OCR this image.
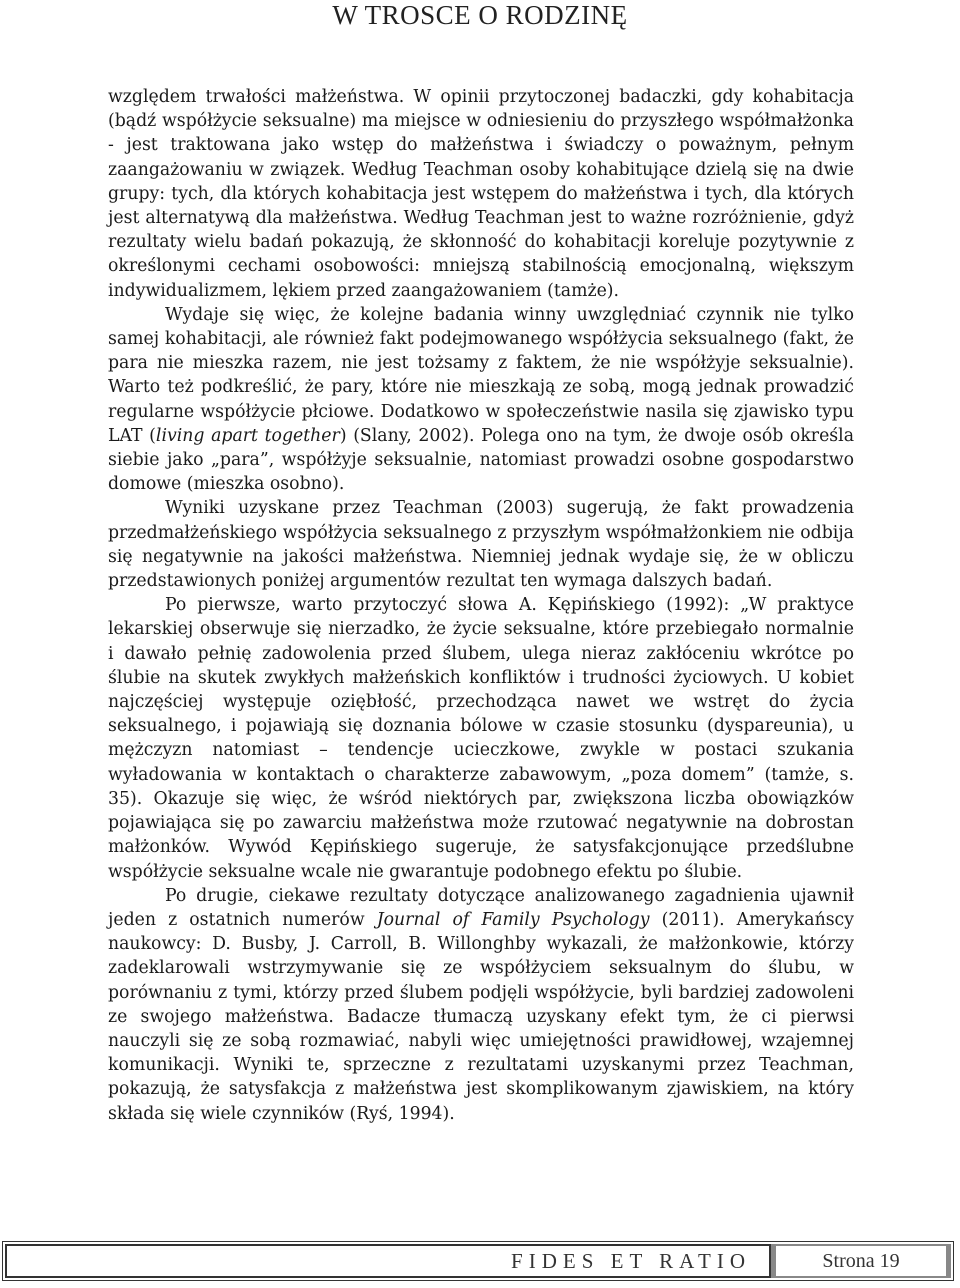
W TROSCE O RODZINĘ

względem trwałości małżeństwa. W opinii przytoczonej badaczki, gdy kohabitacja (bądź współżycie seksualne) ma miejsce w odniesieniu do przyszłego współmałżonka - jest traktowana jako wstęp do małżeństwa i świadczy o poważnym, pełnym zaangażowaniu w związek. Według Teachman osoby kohabitujące dzielą się na dwie grupy: tych, dla których kohabitacja jest wstępem do małżeństwa i tych, dla których jest alternatywą dla małżeństwa. Według Teachman jest to ważne rozróżnienie, gdyż rezultaty wielu badań pokazują, że skłonność do kohabitacji koreluje pozytywnie z określonymi cechami osobowości: mniejszą stabilnością emocjonalną, większym indywidualizmem, lękiem przed zaangażowaniem (tamże).

Wydaje się więc, że kolejne badania winny uwzględniać czynnik nie tylko samej kohabitacji, ale również fakt podejmowanego współżycia seksualnego (fakt, że para nie mieszka razem, nie jest tożsamy z faktem, że nie współżyje seksualnie). Warto też podkreślić, że pary, które nie mieszkają ze sobą, mogą jednak prowadzić regularne współżycie płciowe. Dodatkowo w społeczeństwie nasila się zjawisko typu LAT (living apart together) (Slany, 2002). Polega ono na tym, że dwoje osób określa siebie jako „para”, współżyje seksualnie, natomiast prowadzi osobne gospodarstwo domowe (mieszka osobno).

Wyniki uzyskane przez Teachman (2003) sugerują, że fakt prowadzenia przedmałżeńskiego współżycia seksualnego z przyszłym współmałżonkiem nie odbija się negatywnie na jakości małżeństwa. Niemniej jednak wydaje się, że w obliczu przedstawionych poniżej argumentów rezultat ten wymaga dalszych badań.

Po pierwsze, warto przytoczyć słowa A. Kępińskiego (1992): „W praktyce lekarskiej obserwuje się nierzadko, że życie seksualne, które przebiegało normalnie i dawało pełnię zadowolenia przed ślubem, ulega nieraz zakłóceniu wkrótce po ślubie na skutek zwykłych małżeńskich konfliktów i trudności życiowych. U kobiet najczęściej występuje oziębłość, przechodząca nawet we wstręt do życia seksualnego, i pojawiają się doznania bólowe w czasie stosunku (dyspareunia), u mężczyzn natomiast – tendencje ucieczkowe, zwykle w postaci szukania wyładowania w kontaktach o charakterze zabawowym, „poza domem” (tamże, s. 35). Okazuje się więc, że wśród niektórych par, zwiększona liczba obowiązków pojawiająca się po zawarciu małżeństwa może rzutować negatywnie na dobrostan małżonków. Wywód Kępińskiego sugeruje, że satysfakcjonujące przedślubne współżycie seksualne wcale nie gwarantuje podobnego efektu po ślubie.

Po drugie, ciekawe rezultaty dotyczące analizowanego zagadnienia ujawnił jeden z ostatnich numerów Journal of Family Psychology (2011). Amerykańscy naukowcy: D. Busby, J. Carroll, B. Willonghby wykazali, że małżonkowie, którzy zadeklarowali wstrzymywanie się ze współżyciem seksualnym do ślubu, w porównaniu z tymi, którzy przed ślubem podjęli współżycie, byli bardziej zadowoleni ze swojego małżeństwa. Badacze tłumaczą uzyskany efekt tym, że ci pierwsi nauczyli się ze sobą rozmawiać, nabyli więc umiejętności prawidłowej, wzajemnej komunikacji. Wyniki te, sprzeczne z rezultatami uzyskanymi przez Teachman, pokazują, że satysfakcja z małżeństwa jest skomplikowanym zjawiskiem, na który składa się wiele czynników (Ryś, 1994).

FIDES ET RATIO	Strona 19
